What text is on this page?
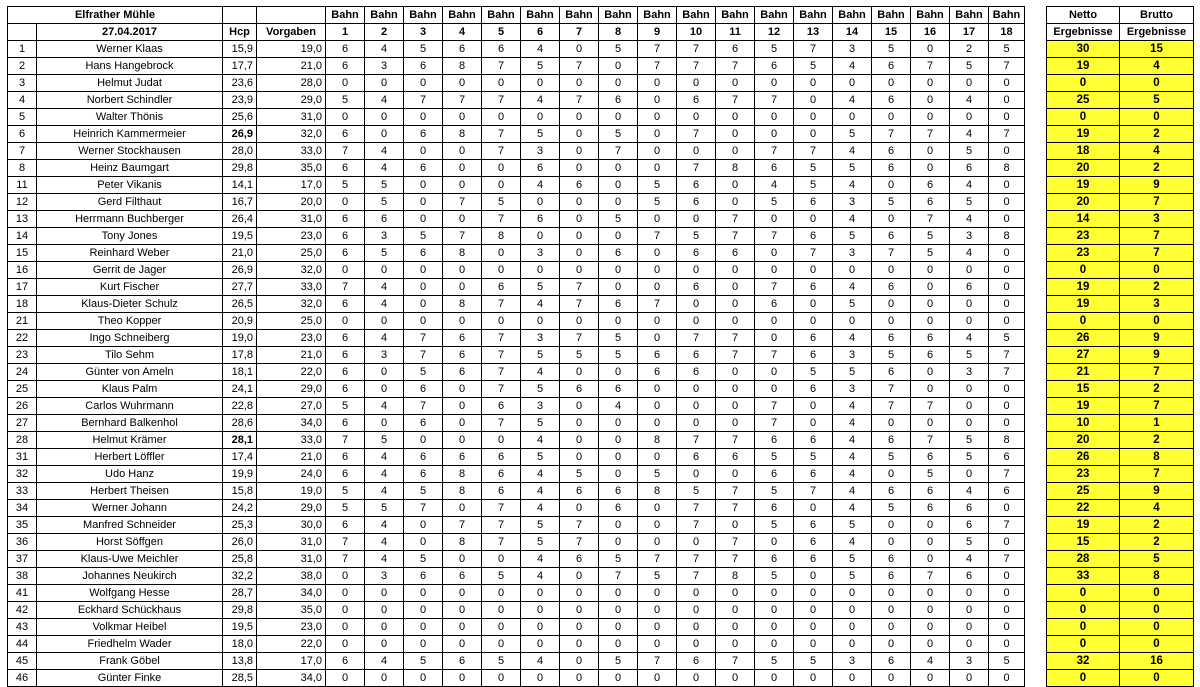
Elfrather Mühle				Bahn	Bahn	Bahn	Bahn	Bahn	Bahn	Bahn	Bahn	Bahn	Bahn	Bahn	Bahn	Bahn	Bahn	Bahn	Bahn	Bahn	Bahn
	27.04.2017	Hcp	Vorgaben	1	2	3	4	5	6	7	8	9	10	11	12	13	14	15	16	17	18
1	Werner Klaas	15,9	19,0	6	4	5	6	6	4	0	5	7	7	6	5	7	3	5	0	2	5
2	Hans Hangebrock	17,7	21,0	6	3	6	8	7	5	7	0	7	7	7	6	5	4	6	7	5	7
3	Helmut Judat	23,6	28,0	0	0	0	0	0	0	0	0	0	0	0	0	0	0	0	0	0	0
4	Norbert Schindler	23,9	29,0	5	4	7	7	7	4	7	6	0	6	7	7	0	4	6	0	4	0
5	Walter Thönis	25,6	31,0	0	0	0	0	0	0	0	0	0	0	0	0	0	0	0	0	0	0
6	Heinrich Kammermeier	26,9	32,0	6	0	6	8	7	5	0	5	0	7	0	0	0	5	7	7	4	7
7	Werner Stockhausen	28,0	33,0	7	4	0	0	7	3	0	7	0	0	0	7	7	4	6	0	5	0
8	Heinz Baumgart	29,8	35,0	6	4	6	0	0	6	0	0	0	7	8	6	5	5	6	0	6	8
11	Peter Vikanis	14,1	17,0	5	5	0	0	0	4	6	0	5	6	0	4	5	4	0	6	4	0
12	Gerd Filthaut	16,7	20,0	0	5	0	7	5	0	0	0	5	6	0	5	6	3	5	6	5	0
13	Herrmann Buchberger	26,4	31,0	6	6	0	0	7	6	0	5	0	0	7	0	0	4	0	7	4	0
14	Tony Jones	19,5	23,0	6	3	5	7	8	0	0	0	7	5	7	7	6	5	6	5	3	8
15	Reinhard Weber	21,0	25,0	6	5	6	8	0	3	0	6	0	6	6	0	7	3	7	5	4	0
16	Gerrit de Jager	26,9	32,0	0	0	0	0	0	0	0	0	0	0	0	0	0	0	0	0	0	0
17	Kurt Fischer	27,7	33,0	7	4	0	0	6	5	7	0	0	6	0	7	6	4	6	0	6	0
18	Klaus-Dieter Schulz	26,5	32,0	6	4	0	8	7	4	7	6	7	0	0	6	0	5	0	0	0	0
21	Theo Kopper	20,9	25,0	0	0	0	0	0	0	0	0	0	0	0	0	0	0	0	0	0	0
22	Ingo Schneiberg	19,0	23,0	6	4	7	6	7	3	7	5	0	7	7	0	6	4	6	6	4	5
23	Tilo Sehm	17,8	21,0	6	3	7	6	7	5	5	5	6	6	7	7	6	3	5	6	5	7
24	Günter von Ameln	18,1	22,0	6	0	5	6	7	4	0	0	6	6	0	0	5	5	6	0	3	7
25	Klaus Palm	24,1	29,0	6	0	6	0	7	5	6	6	0	0	0	0	6	3	7	0	0	0
26	Carlos Wuhrmann	22,8	27,0	5	4	7	0	6	3	0	4	0	0	0	7	0	4	7	7	0	0
27	Bernhard Balkenhol	28,6	34,0	6	0	6	0	7	5	0	0	0	0	0	7	0	4	0	0	0	0
28	Helmut Krämer	28,1	33,0	7	5	0	0	0	4	0	0	8	7	7	6	6	4	6	7	5	8
31	Herbert Löffler	17,4	21,0	6	4	6	6	6	5	0	0	0	6	6	5	5	4	5	6	5	6
32	Udo Hanz	19,9	24,0	6	4	6	8	6	4	5	0	5	0	0	6	6	4	0	5	0	7
33	Herbert Theisen	15,8	19,0	5	4	5	8	6	4	6	6	8	5	7	5	7	4	6	6	4	6
34	Werner Johann	24,2	29,0	5	5	7	0	7	4	0	6	0	7	7	6	0	4	5	6	6	0
35	Manfred Schneider	25,3	30,0	6	4	0	7	7	5	7	0	0	7	0	5	6	5	0	0	6	7
36	Horst Söffgen	26,0	31,0	7	4	0	8	7	5	7	0	0	0	7	0	6	4	0	0	5	0
37	Klaus-Uwe Meichler	25,8	31,0	7	4	5	0	0	4	6	5	7	7	7	6	6	5	6	0	4	7
38	Johannes Neukirch	32,2	38,0	0	3	6	6	5	4	0	7	5	7	8	5	0	5	6	7	6	0
41	Wolfgang Hesse	28,7	34,0	0	0	0	0	0	0	0	0	0	0	0	0	0	0	0	0	0	0
42	Eckhard Schückhaus	29,8	35,0	0	0	0	0	0	0	0	0	0	0	0	0	0	0	0	0	0	0
43	Volkmar Heibel	19,5	23,0	0	0	0	0	0	0	0	0	0	0	0	0	0	0	0	0	0	0
44	Friedhelm Wader	18,0	22,0	0	0	0	0	0	0	0	0	0	0	0	0	0	0	0	0	0	0
45	Frank Göbel	13,8	17,0	6	4	5	6	5	4	0	5	7	6	7	5	5	3	6	4	3	5
46	Günter Finke	28,5	34,0	0	0	0	0	0	0	0	0	0	0	0	0	0	0	0	0	0	0
Netto	Brutto
Ergebnisse	Ergebnisse
30	15
19	4
0	0
25	5
0	0
19	2
18	4
20	2
19	9
20	7
14	3
23	7
23	7
0	0
19	2
19	3
0	0
26	9
27	9
21	7
15	2
19	7
10	1
20	2
26	8
23	7
25	9
22	4
19	2
15	2
28	5
33	8
0	0
0	0
0	0
0	0
32	16
0	0
